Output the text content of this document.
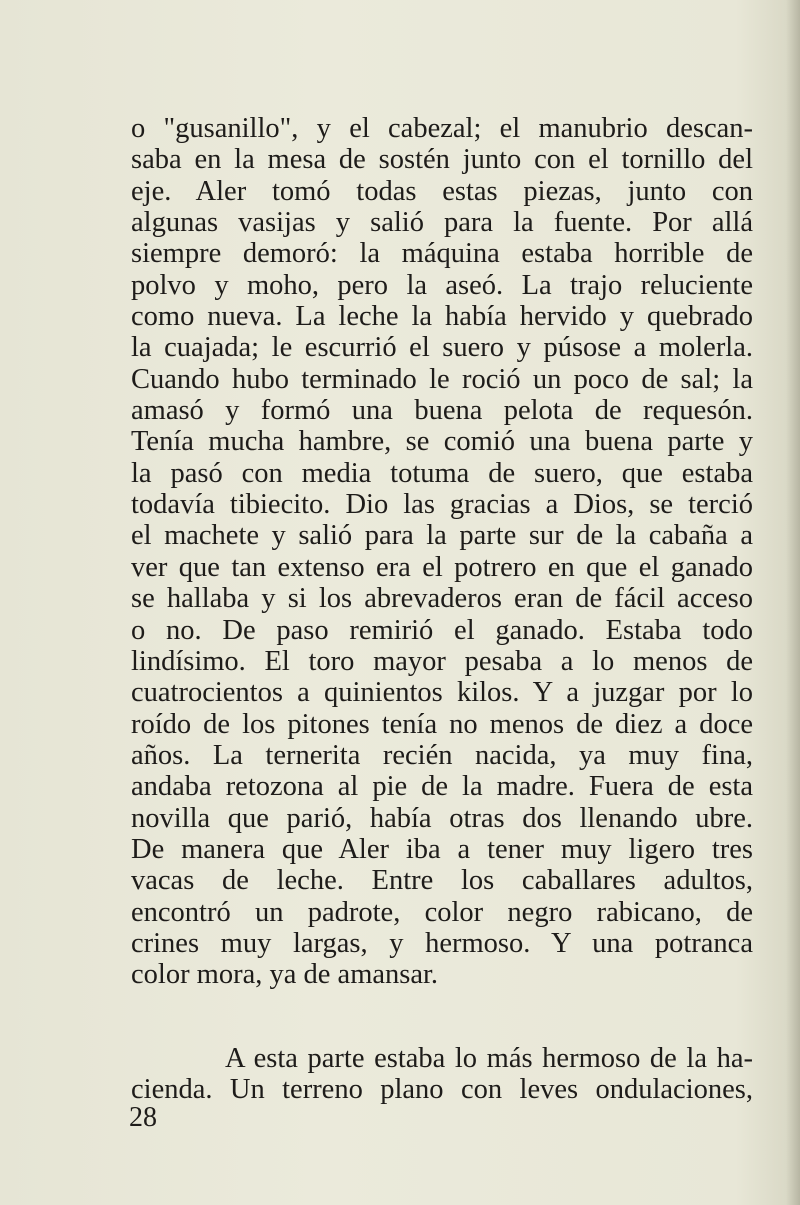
o "gusanillo", y el cabezal; el manubrio descan-
saba en la mesa de sostén junto con el tornillo del
eje. Aler tomó todas estas piezas, junto con
algunas vasijas y salió para la fuente. Por allá
siempre demoró: la máquina estaba horrible de
polvo y moho, pero la aseó. La trajo reluciente
como nueva. La leche la había hervido y quebrado
la cuajada; le escurrió el suero y púsose a molerla.
Cuando hubo terminado le roció un poco de sal; la
amasó y formó una buena pelota de requesón.
Tenía mucha hambre, se comió una buena parte y
la pasó con media totuma de suero, que estaba
todavía tibiecito. Dio las gracias a Dios, se terció
el machete y salió para la parte sur de la cabaña a
ver que tan extenso era el potrero en que el ganado
se hallaba y si los abrevaderos eran de fácil acceso
o no. De paso remirió el ganado. Estaba todo
lindísimo. El toro mayor pesaba a lo menos de
cuatrocientos a quinientos kilos. Y a juzgar por lo
roído de los pitones tenía no menos de diez a doce
años. La ternerita recién nacida, ya muy fina,
andaba retozona al pie de la madre. Fuera de esta
novilla que parió, había otras dos llenando ubre.
De manera que Aler iba a tener muy ligero tres
vacas de leche. Entre los caballares adultos,
encontró un padrote, color negro rabicano, de
crines muy largas, y hermoso. Y una potranca
color mora, ya de amansar.
A esta parte estaba lo más hermoso de la ha-
cienda. Un terreno plano con leves ondulaciones,
28
